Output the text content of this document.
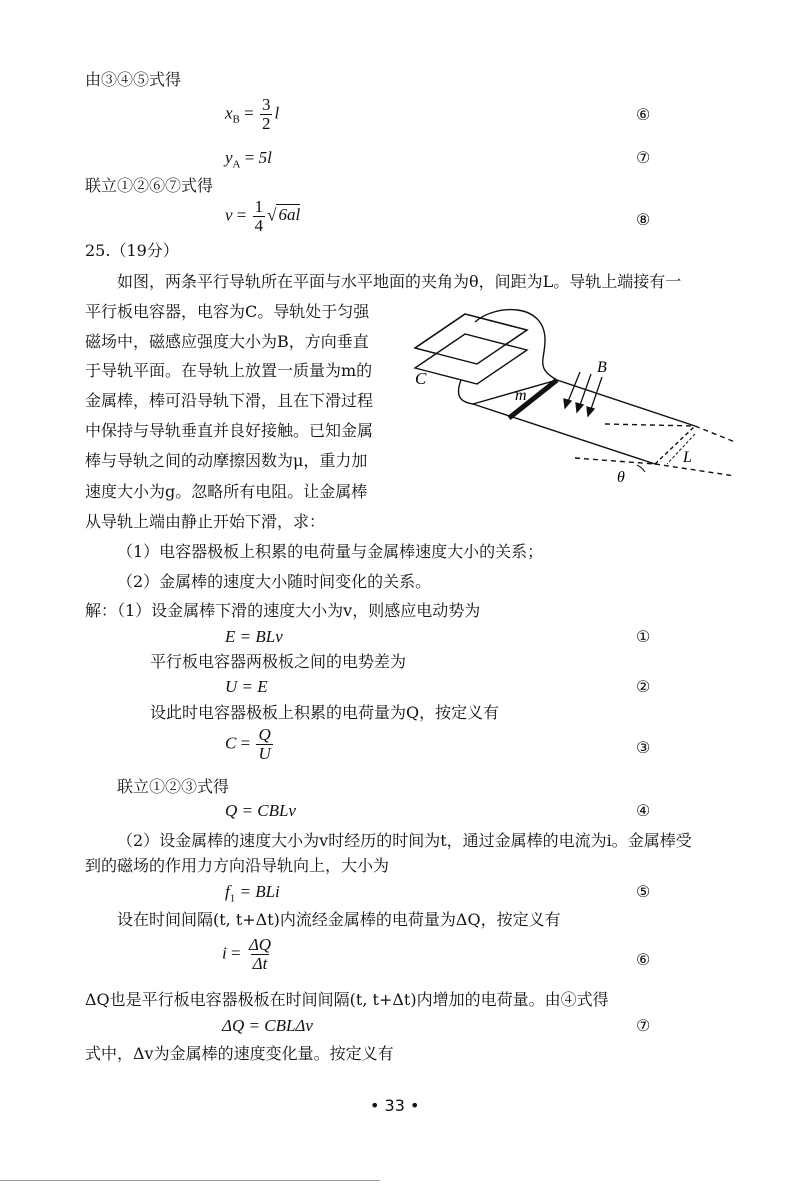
由③④⑤式得
$x_B = \frac{3}{2}$ l	⑥
$y_A = 5l$	⑦
联立①②⑥⑦式得
$v = \frac{1}{4}$ √ 6al	⑧
25.（19分）
如图，两条平行导轨所在平面与水平地面的夹角为θ，间距为L。导轨上端接有一
平行板电容器，电容为C。导轨处于匀强
磁场中，磁感应强度大小为B，方向垂直
于导轨平面。在导轨上放置一质量为m的
金属棒，棒可沿导轨下滑，且在下滑过程
中保持与导轨垂直并良好接触。已知金属
棒与导轨之间的动摩擦因数为μ，重力加
速度大小为g。忽略所有电阻。让金属棒
从导轨上端由静止开始下滑，求：
C
m
B
L
θ
（1）电容器极板上积累的电荷量与金属棒速度大小的关系；
（2）金属棒的速度大小随时间变化的关系。
解：（1）设金属棒下滑的速度大小为v，则感应电动势为
E = BLv	①
平行板电容器两极板之间的电势差为
U = E	②
设此时电容器极板上积累的电荷量为Q，按定义有
$C = \frac{Q}{U}$	③
联立①②③式得
Q = CBLv	④
（2）设金属棒的速度大小为v时经历的时间为t，通过金属棒的电流为i。金属棒受
到的磁场的作用力方向沿导轨向上，大小为
$f_1$ = BLi	⑤
设在时间间隔(t, t+Δt)内流经金属棒的电荷量为ΔQ，按定义有
$i = \frac{\Delta Q}{\Delta t}$	⑥
ΔQ也是平行板电容器极板在时间间隔(t, t+Δt)内增加的电荷量。由④式得
ΔQ = CBLΔv	⑦
式中，Δv为金属棒的速度变化量。按定义有
• 33 •
